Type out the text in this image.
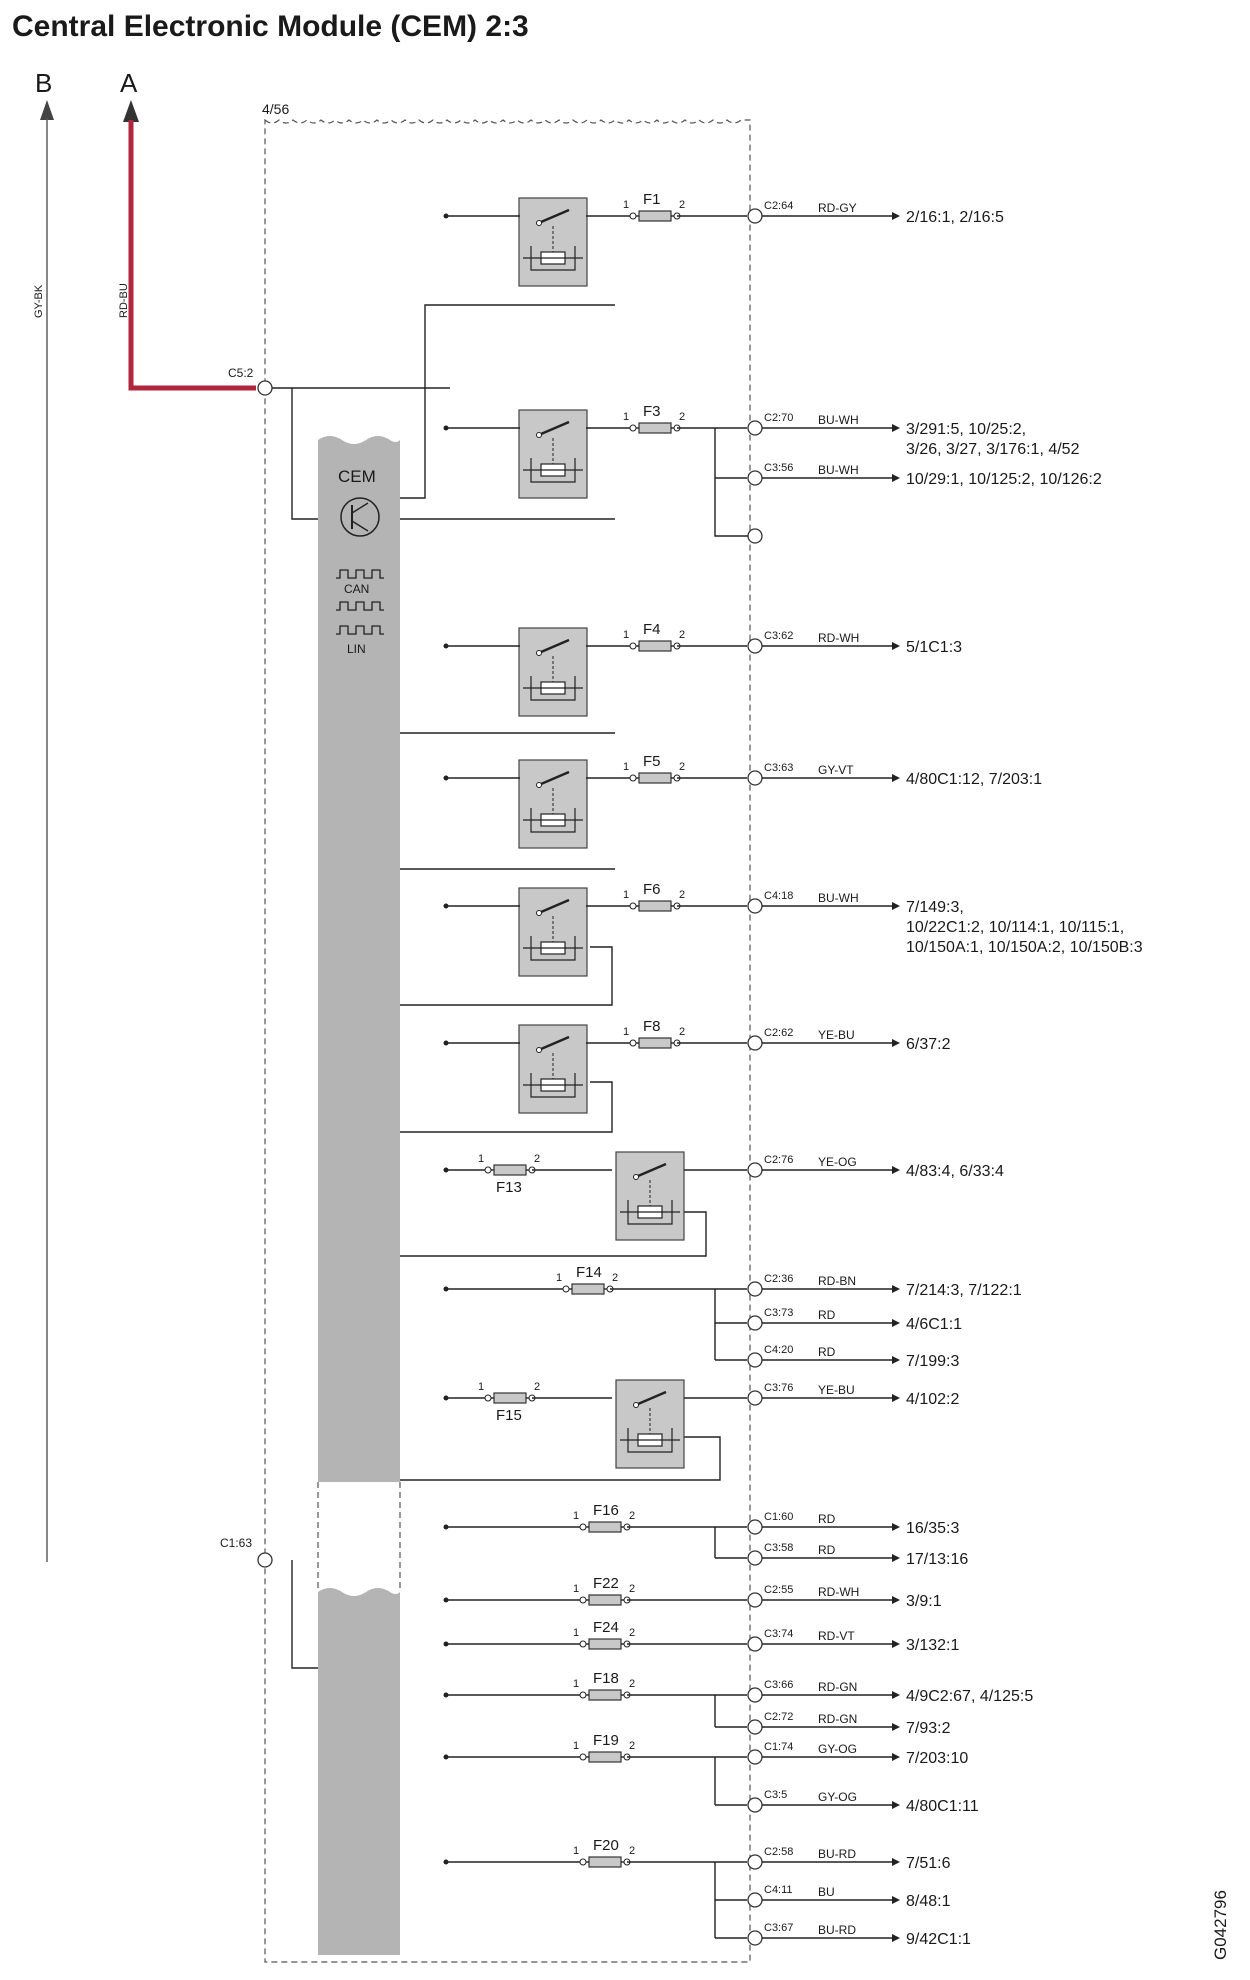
Central Electronic Module (CEM) 2:3
B	A
GY-BK	RD-BU
4/56
CEM
CAN
LIN
C5:2
C1:63
F1
1	2	C2:64 RD-GY
2/16:1, 2/16:5
F3
1	2	C2:70 BU-WH
3/291:5, 10/25:2,
3/26, 3/27, 3/176:1, 4/52
C3:56 BU-WH
10/29:1, 10/125:2, 10/126:2
F4
1	2	C3:62 RD-WH
5/1C1:3
F5
1	2	C3:63 GY-VT
4/80C1:12, 7/203:1
F6
1	2	C4:18 BU-WH
7/149:3,
10/22C1:2, 10/114:1, 10/115:1,
10/150A:1, 10/150A:2, 10/150B:3
F8
1	2	C2:62 YE-BU
6/37:2
F13
1	2	C2:76 YE-OG
4/83:4, 6/33:4
F14
1	2	C2:36 RD-BN
7/214:3, 7/122:1
C3:73 RD
4/6C1:1
C4:20 RD
7/199:3
F15
1	2	C3:76 YE-BU
4/102:2
F16
1	2	C1:60 RD
16/35:3
C3:58 RD
17/13:16
F22
1	2	C2:55 RD-WH
3/9:1
F24
1	2	C3:74 RD-VT
3/132:1
F18
1	2	C3:66 RD-GN
4/9C2:67, 4/125:5
C2:72 RD-GN
7/93:2
F19
1	2	C1:74 GY-OG
7/203:10
C3:5	GY-OG
4/80C1:11
F20
1	2	C2:58 BU-RD
7/51:6
C4:11 BU
8/48:1
C3:67 BU-RD
9/42C1:1	G042796
